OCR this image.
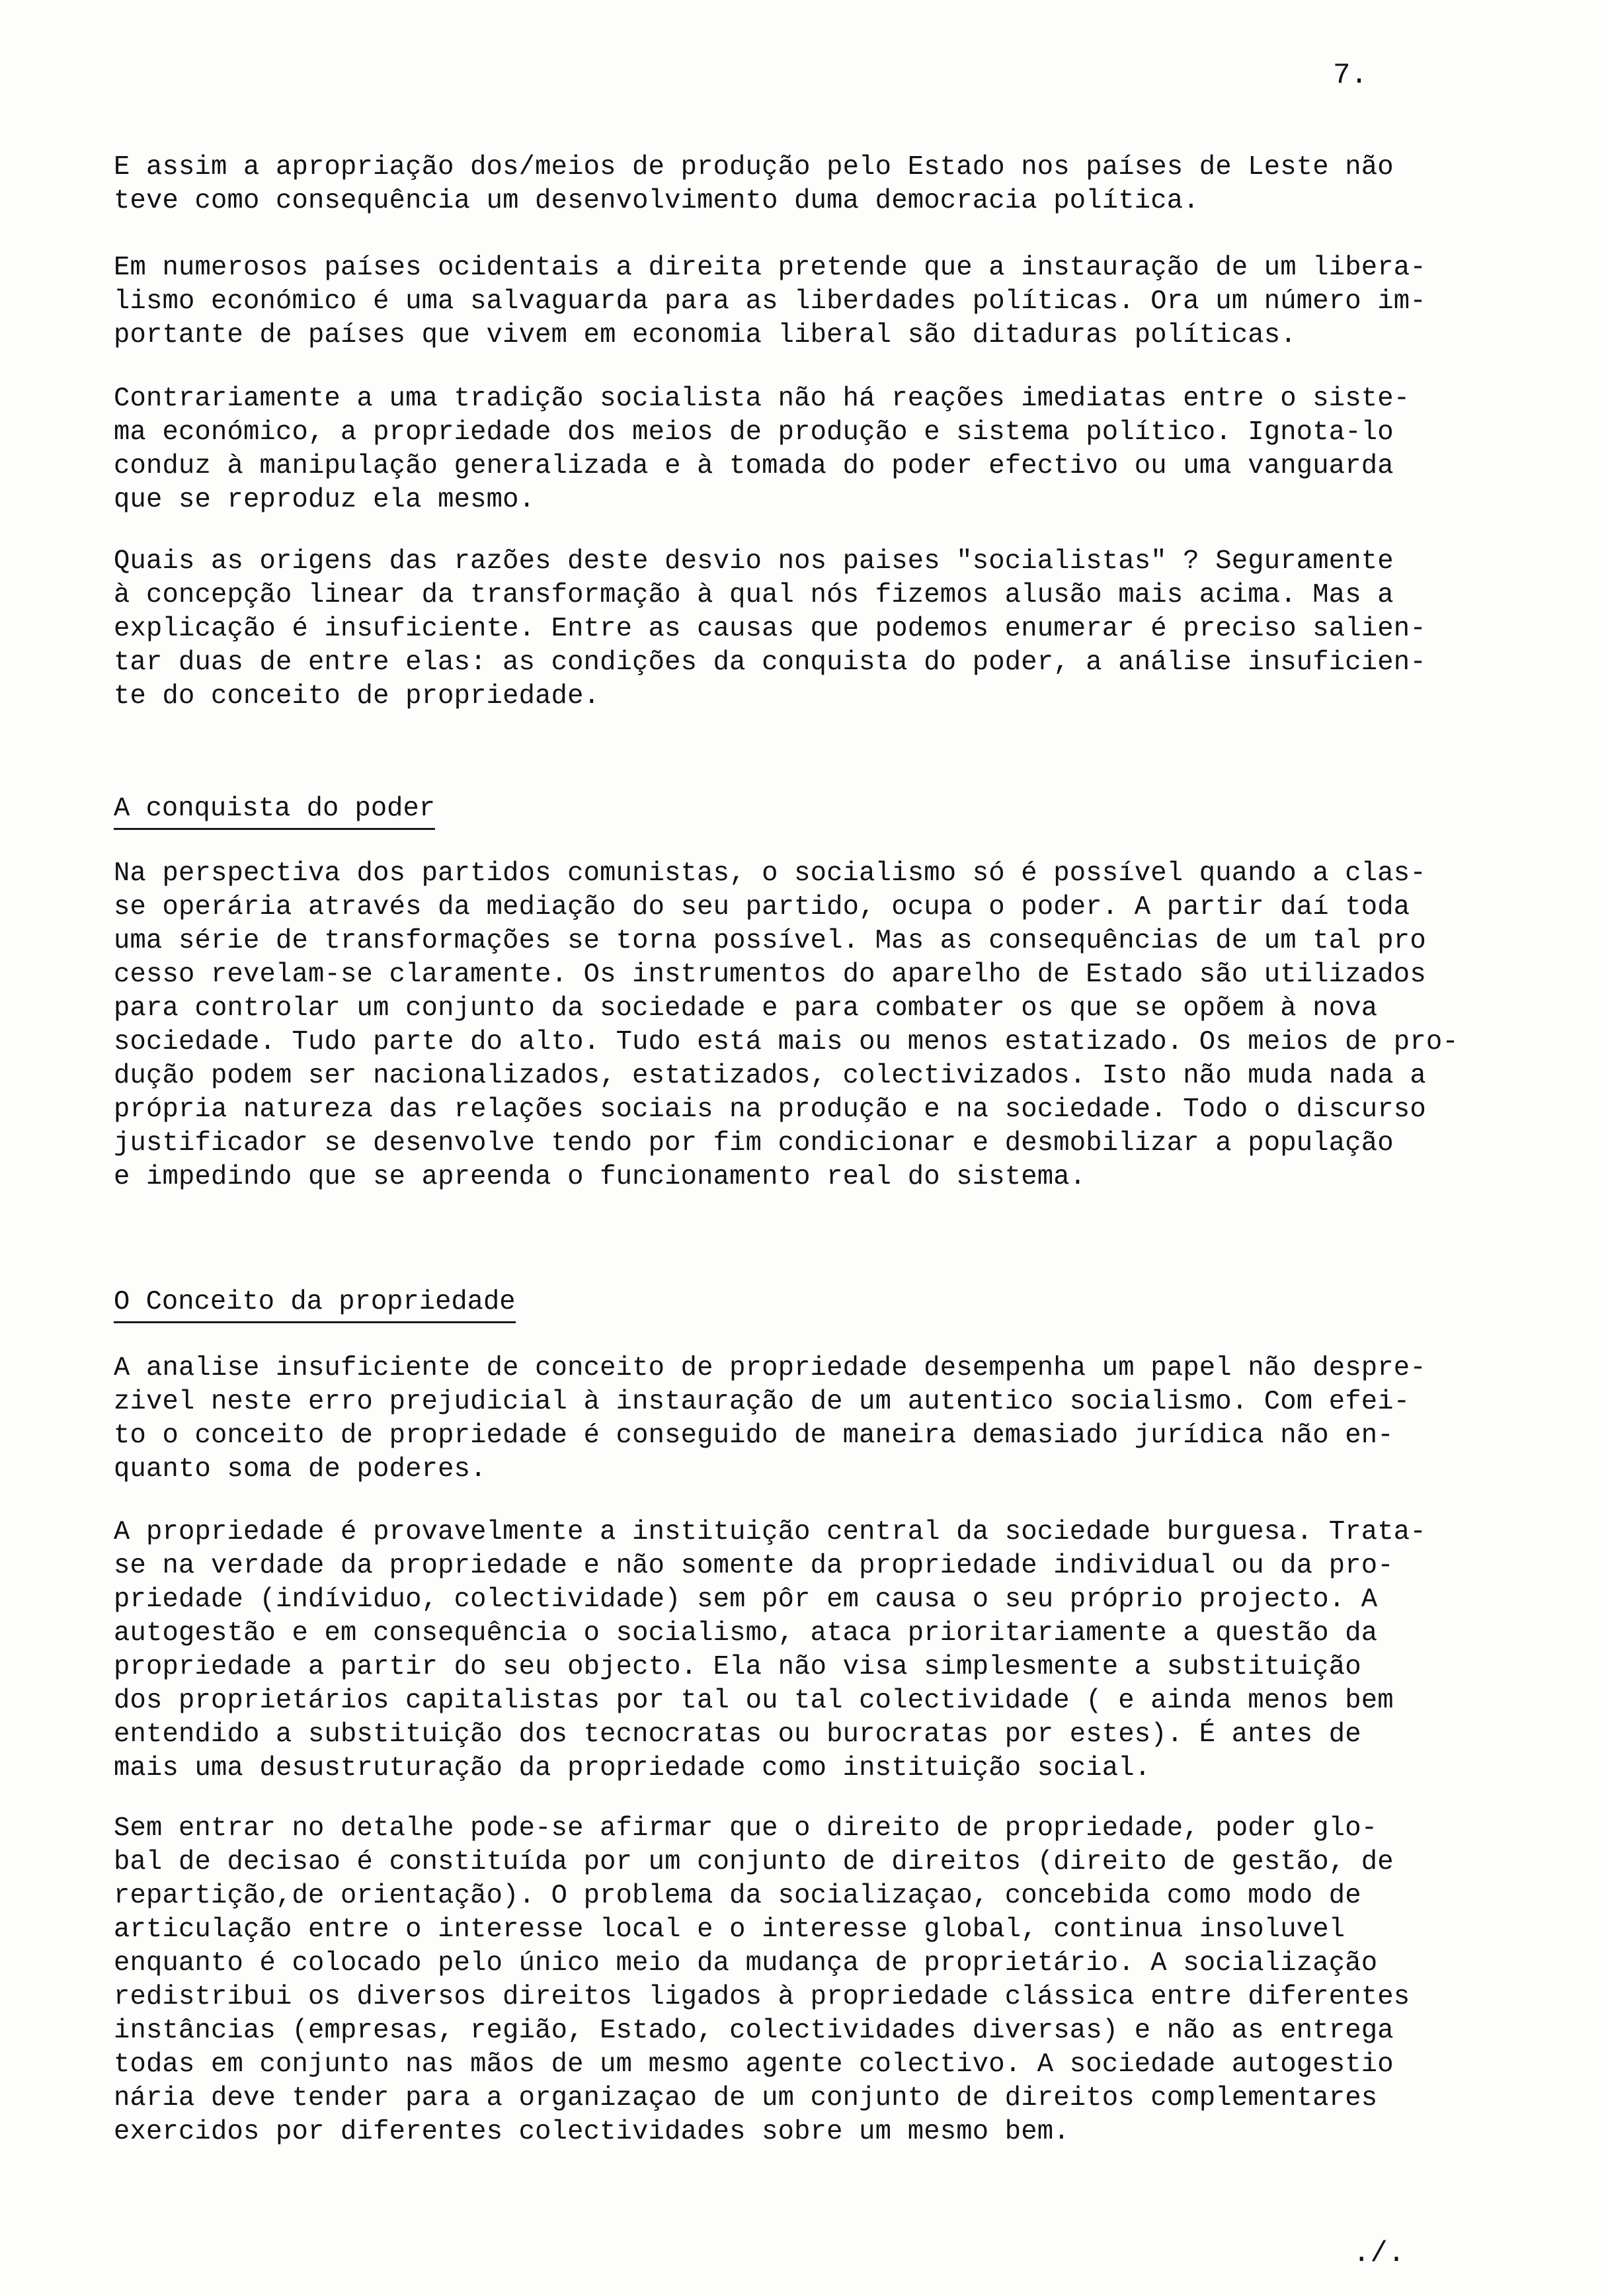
7.

E assim a apropriação dos/meios de produção pelo Estado nos países de Leste não
teve como consequência um desenvolvimento duma democracia política.

Em numerosos países ocidentais a direita pretende que a instauração de um libera-
lismo económico é uma salvaguarda para as liberdades políticas. Ora um número im-
portante de países que vivem em economia liberal são ditaduras políticas.

Contrariamente a uma tradição socialista não há reações imediatas entre o siste-
ma económico, a propriedade dos meios de produção e sistema político. Ignota-lo
conduz à manipulação generalizada e à tomada do poder efectivo ou uma vanguarda
que se reproduz ela mesmo.

Quais as origens das razões deste desvio nos paises "socialistas" ? Seguramente
à concepção linear da transformação à qual nós fizemos alusão mais acima. Mas a
explicação é insuficiente. Entre as causas que podemos enumerar é preciso salien-
tar duas de entre elas: as condições da conquista do poder, a análise insuficien-
te do conceito de propriedade.

A conquista do poder

Na perspectiva dos partidos comunistas, o socialismo só é possível quando a clas-
se operária através da mediação do seu partido, ocupa o poder. A partir daí toda
uma série de transformações se torna possível. Mas as consequências de um tal pro
cesso revelam-se claramente. Os instrumentos do aparelho de Estado são utilizados
para controlar um conjunto da sociedade e para combater os que se opõem à nova
sociedade. Tudo parte do alto. Tudo está mais ou menos estatizado. Os meios de pro-
dução podem ser nacionalizados, estatizados, colectivizados. Isto não muda nada a
própria natureza das relações sociais na produção e na sociedade. Todo o discurso
justificador se desenvolve tendo por fim condicionar e desmobilizar a população
e impedindo que se apreenda o funcionamento real do sistema.

O Conceito da propriedade

A analise insuficiente de conceito de propriedade desempenha um papel não despre-
zivel neste erro prejudicial à instauração de um autentico socialismo. Com efei-
to o conceito de propriedade é conseguido de maneira demasiado jurídica não en-
quanto soma de poderes.

A propriedade é provavelmente a instituição central da sociedade burguesa. Trata-
se na verdade da propriedade e não somente da propriedade individual ou da pro-
priedade (indíviduo, colectividade) sem pôr em causa o seu próprio projecto. A
autogestão e em consequência o socialismo, ataca prioritariamente a questão da
propriedade a partir do seu objecto. Ela não visa simplesmente a substituição
dos proprietários capitalistas por tal ou tal colectividade ( e ainda menos bem
entendido a substituição dos tecnocratas ou burocratas por estes). É antes de
mais uma desustruturação da propriedade como instituição social.

Sem entrar no detalhe pode-se afirmar que o direito de propriedade, poder glo-
bal de decisao é constituída por um conjunto de direitos (direito de gestão, de
repartição,de orientação). O problema da socializaçao, concebida como modo de
articulação entre o interesse local e o interesse global, continua insoluvel
enquanto é colocado pelo único meio da mudança de proprietário. A socialização
redistribui os diversos direitos ligados à propriedade clássica entre diferentes
instâncias (empresas, região, Estado, colectividades diversas) e não as entrega
todas em conjunto nas mãos de um mesmo agente colectivo. A sociedade autogestio
nária deve tender para a organizaçao de um conjunto de direitos complementares
exercidos por diferentes colectividades sobre um mesmo bem.

./.
